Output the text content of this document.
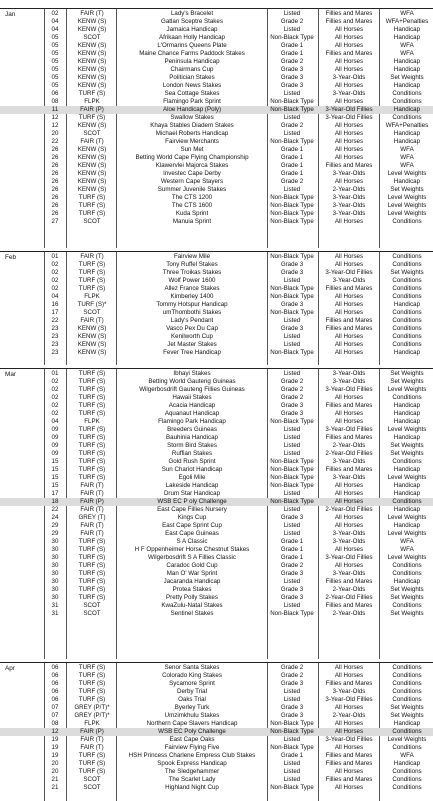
Jan	02	FAIR (T)	Lady's Bracelet	Listed	Fillies and Mares	WFA
04	KENW (S)	Gatlan Sceptre Stakes	Grade 2	Fillies and Mares	WFA+Penalties
04	KENW (S)	Jamaica Handicap	Listed	All Horses	Handicap
05	SCOT	Afrikaan Holly Handicap	Non-Black Type	All Horses	Handicap
05	KENW (S)	L'Ormarins Queens Plate	Grade 1	All Horses	WFA
05	KENW (S)	Maine Chance Farms Paddock Stakes	Grade 1	Fillies and Mares	WFA
05	KENW (S)	Peninsula Handicap	Grade 2	All Horses	Handicap
05	KENW (S)	Chairmans Cup	Grade 3	All Horses	Handicap
05	KENW (S)	Politician Stakes	Grade 3	3-Year-Olds	Set Weights
05	KENW (S)	London News Stakes	Grade 3	All Horses	Handicap
06	TURF (S)	Sea Cottage Stakes	Listed	3-Year-Olds	Conditions
08	FLPK	Flamingo Park Sprint	Non-Black Type	All Horses	Conditions
11	FAIR (P)	Aloe Handicap (Poly)	Non-Black Type	3-Year-Old Fillies	Handicap
12	TURF (S)	Swallow Stakes	Listed	3-Year-Old Fillies	Conditions
12	KENW (S)	Khaya Stables Diadem Stakes	Grade 2	All Horses	WFA+Penalties
20	SCOT	Michael Roberts Handicap	Listed	All Horses	Handicap
22	FAIR (T)	Fairview Merchants	Non-Black Type	All Horses	Handicap
26	KENW (S)	Sun Met	Grade 1	All Horses	WFA
26	KENW (S)	Betting World Cape Flying Championship	Grade 1	All Horses	WFA
26	KENW (S)	Klawervlei Majorca Stakes	Grade 1	Fillies and Mares	WFA
26	KENW (S)	Investec Cape Derby	Grade 1	3-Year-Olds	Level Weights
26	KENW (S)	Western Cape Stayers	Grade 2	All Horses	Handicap
26	KENW (S)	Summer Juvenile Stakes	Listed	2-Year-Olds	Set Weights
26	TURF (S)	The CTS 1200	Non-Black Type	3-Year-Olds	Level Weights
26	TURF (S)	The CTS 1600	Non-Black Type	3-Year-Olds	Level Weights
26	TURF (S)	Kuda Sprint	Non-Black Type	3-Year-Olds	Level Weights
27	SCOT	Manuia Sprint	Non-Black Type	All Horses	Conditions
Feb	01	FAIR (T)	Fairview Mile	Non-Black Type	All Horses	Conditions
02	TURF (S)	Tony Ruffel Stakes	Grade 3	All Horses	Conditions
02	TURF (S)	Three Troikas Stakes	Grade 3	3-Year-Old Fillies	Set Weights
02	TURF (S)	Wolf Power 1600	Listed	3-Year-Olds	Conditions
02	TURF (S)	Allez France Stakes	Non-Black Type	Fillies and Mares	Conditions
04	FLPK	Kimberley 1400	Non-Black Type	All Horses	Conditions
16	TURF (S)*	Tommy Hotspur Handicap	Grade 3	All Horses	Handicap
17	SCOT	umThombothi Stakes	Non-Black Type	All Horses	Conditions
22	FAIR (T)	Lady's Pendant	Listed	Fillies and Mares	Conditions
23	KENW (S)	Vasco Pex Du Cap	Grade 3	Fillies and Mares	Conditions
23	KENW (S)	Kenilworth Cup	Listed	All Horses	Conditions
23	KENW (S)	Jet Master Stakes	Listed	All Horses	Conditions
23	KENW (S)	Fever Tree Handicap	Non-Black Type	All Horses	Handicap
Mar	01	TURF (S)	Ibhayi Stakes	Listed	3-Year-Olds	Set Weights
02	TURF (S)	Betting World Gauteng Guineas	Grade 2	3-Year-Olds	Set Weights
02	TURF (S)	Wilgerbosdrift Gauteng Fillies Guineas	Grade 2	3-Year-Old Fillies	Level Weights
02	TURF (S)	Hawaii Stakes	Grade 2	All Horses	Conditions
02	TURF (S)	Acacia Handicap	Grade 3	Fillies and Mares	Handicap
02	TURF (S)	Aquanaut Handicap	Grade 3	All Horses	Handicap
04	FLPK	Flamingo Park Handicap	Non-Black Type	All Horses	Handicap
09	TURF (S)	Breeders Guineas	Listed	3-Year-Old Fillies	Level Weights
09	TURF (S)	Bauhinia Handicap	Listed	Fillies and Mares	Handicap
09	TURF (S)	Storm Bird Stakes	Listed	2-Year-Olds	Set Weights
09	TURF (S)	Ruffian Stakes	Listed	2-Year-Old Fillies	Set Weights
15	TURF (S)	Gold Rush Sprint	Non-Black Type	3-Year-Olds	Conditions
15	TURF (S)	Sun Chariot Handicap	Non-Black Type	Fillies and Mares	Handicap
15	TURF (S)	Egoli Mile	Non-Black Type	3-Year-Olds	Level Weights
15	FAIR (T)	Lakeside Handicap	Non-Black Type	All Horses	Handicap
17	FAIR (T)	Drum Star Handicap	Listed	All Horses	Handicap
18	FAIR (P)	WSB EC P oly Challenge	Non-Black Type	All Horses	Conditions
22	FAIR (T)	East Cape Fillies Nursery	Listed	2-Year-Old Fillies	Handicap
24	GREY (T)	Kings Cup	Grade 3	All Horses	Level Weights
29	FAIR (T)	East Cape Sprint Cup	Listed	All Horses	Handicap
29	FAIR (T)	East Cape Guineas	Listed	3-Year-Olds	Level Weights
30	TURF (S)	S A Classic	Grade 1	3-Year-Olds	WFA
30	TURF (S)	H F Oppenheimer Horse Chestnut Stakes	Grade 1	All Horses	WFA
30	TURF (S)	Wilgerbosdrift S A Fillies Classic	Grade 1	3-Year-Old Fillies	Level Weights
30	TURF (S)	Caradoc Gold Cup	Grade 2	All Horses	Conditions
30	TURF (S)	Man O' War Sprint	Grade 3	3-Year-Olds	Conditions
30	TURF (S)	Jacaranda Handicap	Listed	Fillies and Mares	Handicap
30	TURF (S)	Protea Stakes	Grade 3	2-Year-Olds	Set Weights
30	TURF (S)	Pretty Polly Stakes	Grade 3	2-Year-Old Fillies	Set Weights
31	SCOT	KwaZulu-Natal Stakes	Listed	Fillies and Mares	Conditions
31	SCOT	Sentinel Stakes	Non-Black Type	2-Year-Olds	Set Weights
Apr	06	TURF (S)	Senor Santa Stakes	Grade 2	All Horses	Conditions
06	TURF (S)	Colorado King Stakes	Grade 2	All Horses	Conditions
06	TURF (S)	Sycamore Sprint	Grade 3	Fillies and Mares	Conditions
06	TURF (S)	Derby Trial	Listed	3-Year-Olds	Conditions
06	TURF (S)	Oaks Trial	Listed	3-Year-Old Fillies	Conditions
07	GREY (P/T)*	Byerley Turk	Grade 3	All Horses	Set Weights
07	GREY (P/T)*	Umzimkhulu Stakes	Grade 3	2-Year-Olds	Set Weights
08	FLPK	Northern Cape Slavers Handicap	Non-Black Type	All Horses	Handicap
12	FAIR (P)	WSB EC Poly Challenge	Non-Black Type	All Horses	Conditions
19	FAIR (T)	East Cape Oaks	Listed	3-Year-Old Fillies	Level Weights
19	FAIR (T)	Fairview Flying Five	Non-Black Type	All Horses	Conditions
19	TURF (S)	HSH Princess Charlene Empress Club Stakes	Grade 1	Fillies and Mares	WFA
20	TURF (S)	Spook Express Handicap	Listed	Fillies and Mares	Handicap
20	TURF (S)	The Sledgehammer	Listed	All Horses	Conditions
21	SCOT	The Scarlet Lady	Listed	Fillies and Mares	Conditions
21	SCOT	Highland Night Cup	Non-Black Type	All Horses	Conditions
